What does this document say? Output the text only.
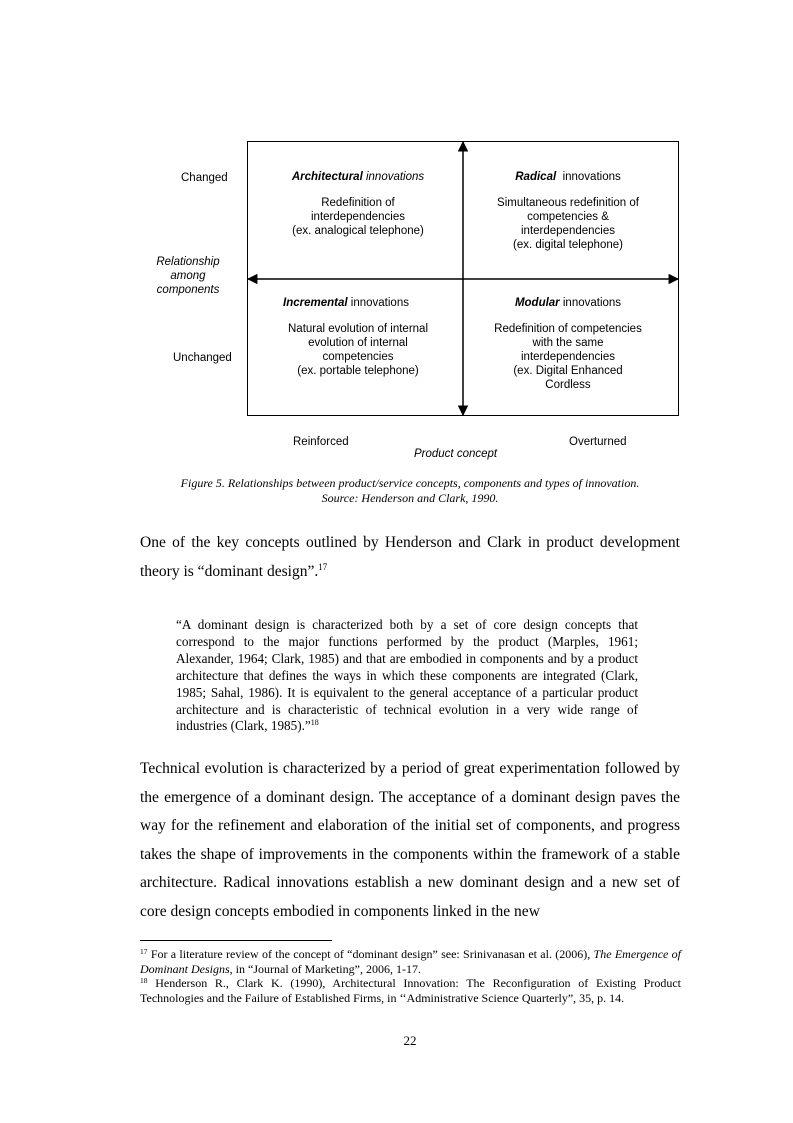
Changed
Unchanged
Relationship
among
components
Reinforced	Overturned
Product concept
Architectural innovations
Redefinition of
interdependencies
(ex. analogical telephone)
Radical innovations
Simultaneous redefinition of
competencies &
interdependencies
(ex. digital telephone)
Incremental innovations
Natural evolution of internal
evolution of internal
competencies
(ex. portable telephone)
Modular innovations
Redefinition of competencies
with the same
interdependencies
(ex. Digital Enhanced
Cordless
Figure 5. Relationships between product/service concepts, components and types of innovation.
Source: Henderson and Clark, 1990.

One of the key concepts outlined by Henderson and Clark in product development theory is “dominant design”.$^{17}$

“A dominant design is characterized both by a set of core design concepts that correspond to the major functions performed by the product (Marples, 1961; Alexander, 1964; Clark, 1985) and that are embodied in components and by a product architecture that defines the ways in which these components are integrated (Clark, 1985; Sahal, 1986). It is equivalent to the general acceptance of a particular product architecture and is characteristic of technical evolution in a very wide range of industries (Clark, 1985).”$^{18}$

Technical evolution is characterized by a period of great experimentation followed by the emergence of a dominant design. The acceptance of a dominant design paves the way for the refinement and elaboration of the initial set of components, and progress takes the shape of improvements in the components within the framework of a stable architecture. Radical innovations establish a new dominant design and a new set of core design concepts embodied in components linked in the new

$^{17}$ For a literature review of the concept of “dominant design” see: Srinivanasan et al. (2006), The Emergence of Dominant Designs, in “Journal of Marketing”, 2006, 1-17.

$^{18}$ Henderson R., Clark K. (1990), Architectural Innovation: The Reconfiguration of Existing Product Technologies and the Failure of Established Firms, in ‘‘Administrative Science Quarterly”, 35, p. 14.

22
